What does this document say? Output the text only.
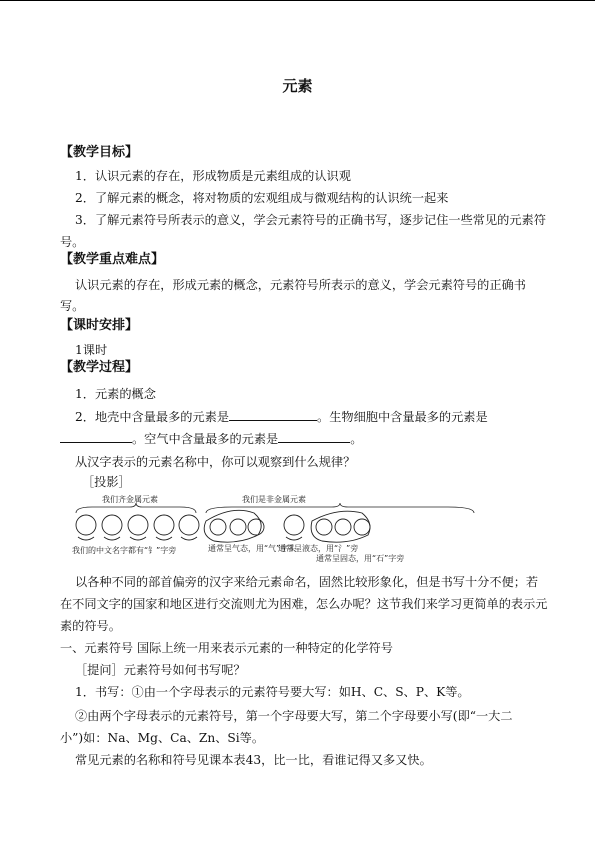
元素
【教学目标】
1．认识元素的存在，形成物质是元素组成的认识观
2．了解元素的概念，将对物质的宏观组成与微观结构的认识统一起来
3．了解元素符号所表示的意义，学会元素符号的正确书写，逐步记住一些常见的元素符
号。
【教学重点难点】
认识元素的存在，形成元素的概念，元素符号所表示的意义，学会元素符号的正确书
写。
【课时安排】
1课时
【教学过程】
1．元素的概念
2．地壳中含量最多的元素是	。生物细胞中含量最多的元素是
。空气中含量最多的元素是	。
从汉字表示的元素名称中，你可以观察到什么规律？
［投影］
我们齐金属元素	我们是非金属元素
我们的中文名字都有“钅”字旁	通常呈气态，用“气”字头
通常呈液态，用“氵”旁
通常呈固态，用“石”字旁
以各种不同的部首偏旁的汉字来给元素命名，固然比较形象化，但是书写十分不便；若
在不同文字的国家和地区进行交流则尤为困难，怎么办呢？这节我们来学习更简单的表示元
素的符号。
一、元素符号 国际上统一用来表示元素的一种特定的化学符号
［提问］元素符号如何书写呢？
1．书写：①由一个字母表示的元素符号要大写：如H、C、S、P、K等。
②由两个字母表示的元素符号，第一个字母要大写，第二个字母要小写(即“一大二
小”)如：Na、Mg、Ca、Zn、Si等。
常见元素的名称和符号见课本表43，比一比，看谁记得又多又快。
